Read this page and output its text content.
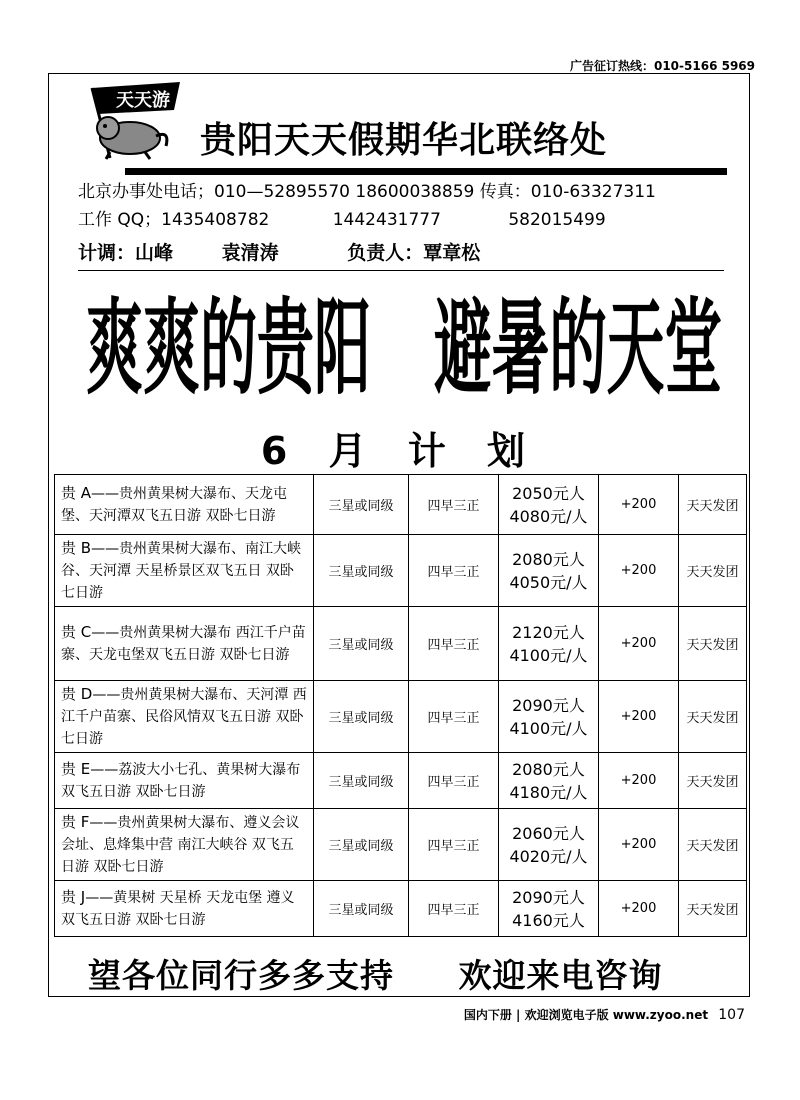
广告征订热线：010-5166 5969
天天游
贵阳天天假期华北联络处
北京办事处电话；010—52895570 18600038859 传真：010-63327311
工作 QQ；1435408782	1442431777	582015499
计调：山峰	袁清涛	负责人：覃章松
爽爽的贵阳 避暑的天堂
6 月 计 划
贵 A——贵州黄果树大瀑布、天龙屯堡、天河潭双飞五日游 双卧七日游	三星或同级	四早三正	2050元人
4080元/人	+200	天天发团
贵 B——贵州黄果树大瀑布、南江大峡谷、天河潭 天星桥景区双飞五日 双卧七日游	三星或同级	四早三正	2080元人
4050元/人	+200	天天发团
贵 C——贵州黄果树大瀑布 西江千户苗寨、天龙屯堡双飞五日游 双卧七日游	三星或同级	四早三正	2120元人
4100元/人	+200	天天发团
贵 D——贵州黄果树大瀑布、天河潭 西江千户苗寨、民俗风情双飞五日游 双卧七日游	三星或同级	四早三正	2090元人
4100元/人	+200	天天发团
贵 E——荔波大小七孔、黄果树大瀑布双飞五日游 双卧七日游	三星或同级	四早三正	2080元人
4180元/人	+200	天天发团
贵 F——贵州黄果树大瀑布、遵义会议会址、息烽集中营 南江大峡谷 双飞五日游 双卧七日游	三星或同级	四早三正	2060元人
4020元/人	+200	天天发团
贵 J——黄果树 天星桥 天龙屯堡 遵义双飞五日游 双卧七日游	三星或同级	四早三正	2090元人
4160元人	+200	天天发团
望各位同行多多支持 欢迎来电咨询
国内下册 | 欢迎浏览电子版 www.zyoo.net 107
